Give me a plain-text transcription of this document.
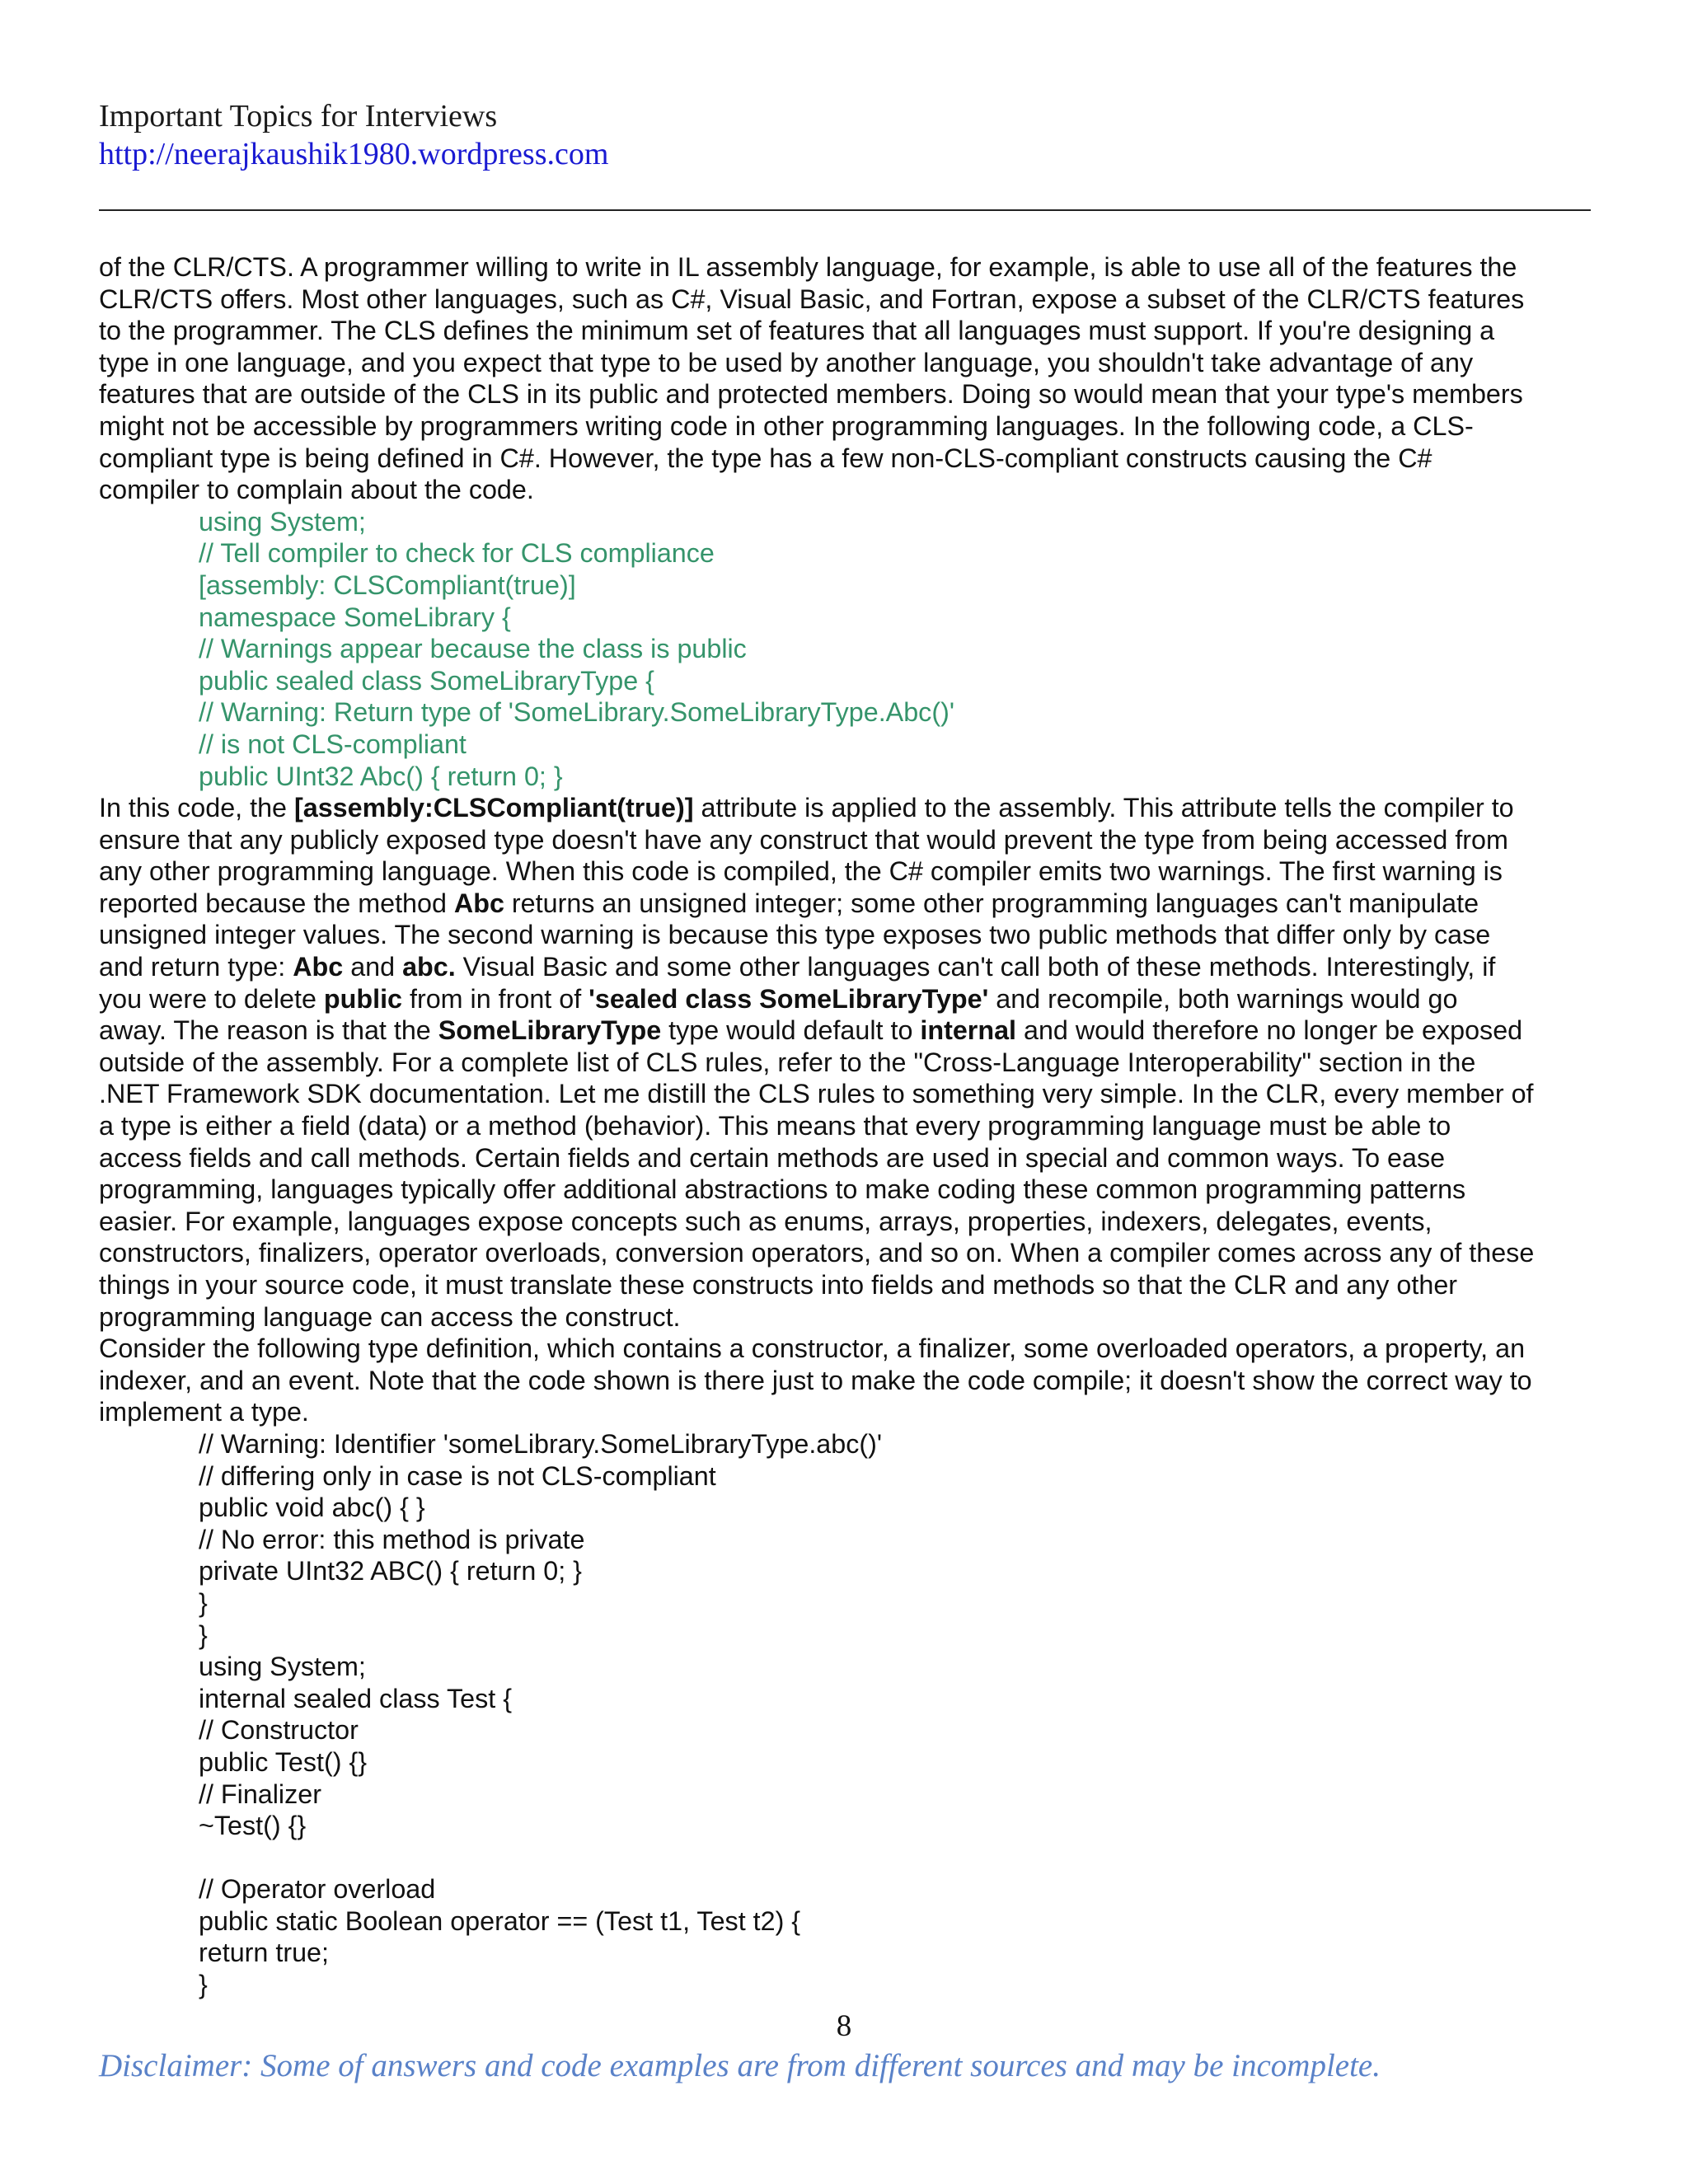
Important Topics for Interviews
http://neerajkaushik1980.wordpress.com
of the CLR/CTS. A programmer willing to write in IL assembly language, for example, is able to use all of the features the
CLR/CTS offers. Most other languages, such as C#, Visual Basic, and Fortran, expose a subset of the CLR/CTS features
to the programmer. The CLS defines the minimum set of features that all languages must support. If you're designing a
type in one language, and you expect that type to be used by another language, you shouldn't take advantage of any
features that are outside of the CLS in its public and protected members. Doing so would mean that your type's members
might not be accessible by programmers writing code in other programming languages. In the following code, a CLS-
compliant type is being defined in C#. However, the type has a few non-CLS-compliant constructs causing the C#
compiler to complain about the code.
using System;
// Tell compiler to check for CLS compliance
[assembly: CLSCompliant(true)]
namespace SomeLibrary {
// Warnings appear because the class is public
public sealed class SomeLibraryType {
// Warning: Return type of 'SomeLibrary.SomeLibraryType.Abc()'
// is not CLS-compliant
public UInt32 Abc() { return 0; }
In this code, the [assembly:CLSCompliant(true)] attribute is applied to the assembly. This attribute tells the compiler to
ensure that any publicly exposed type doesn't have any construct that would prevent the type from being accessed from
any other programming language. When this code is compiled, the C# compiler emits two warnings. The first warning is
reported because the method Abc returns an unsigned integer; some other programming languages can't manipulate
unsigned integer values. The second warning is because this type exposes two public methods that differ only by case
and return type: Abc and abc. Visual Basic and some other languages can't call both of these methods. Interestingly, if
you were to delete public from in front of 'sealed class SomeLibraryType' and recompile, both warnings would go
away. The reason is that the SomeLibraryType type would default to internal and would therefore no longer be exposed
outside of the assembly. For a complete list of CLS rules, refer to the "Cross-Language Interoperability" section in the
.NET Framework SDK documentation. Let me distill the CLS rules to something very simple. In the CLR, every member of
a type is either a field (data) or a method (behavior). This means that every programming language must be able to
access fields and call methods. Certain fields and certain methods are used in special and common ways. To ease
programming, languages typically offer additional abstractions to make coding these common programming patterns
easier. For example, languages expose concepts such as enums, arrays, properties, indexers, delegates, events,
constructors, finalizers, operator overloads, conversion operators, and so on. When a compiler comes across any of these
things in your source code, it must translate these constructs into fields and methods so that the CLR and any other
programming language can access the construct.
Consider the following type definition, which contains a constructor, a finalizer, some overloaded operators, a property, an
indexer, and an event. Note that the code shown is there just to make the code compile; it doesn't show the correct way to
implement a type.
// Warning: Identifier 'someLibrary.SomeLibraryType.abc()'
// differing only in case is not CLS-compliant
public void abc() { }
// No error: this method is private
private UInt32 ABC() { return 0; }
}
}
using System;
internal sealed class Test {
// Constructor
public Test() {}
// Finalizer
~Test() {}
// Operator overload
public static Boolean operator == (Test t1, Test t2) {
return true;
}
8
Disclaimer: Some of answers and code examples are from different sources and may be incomplete.
